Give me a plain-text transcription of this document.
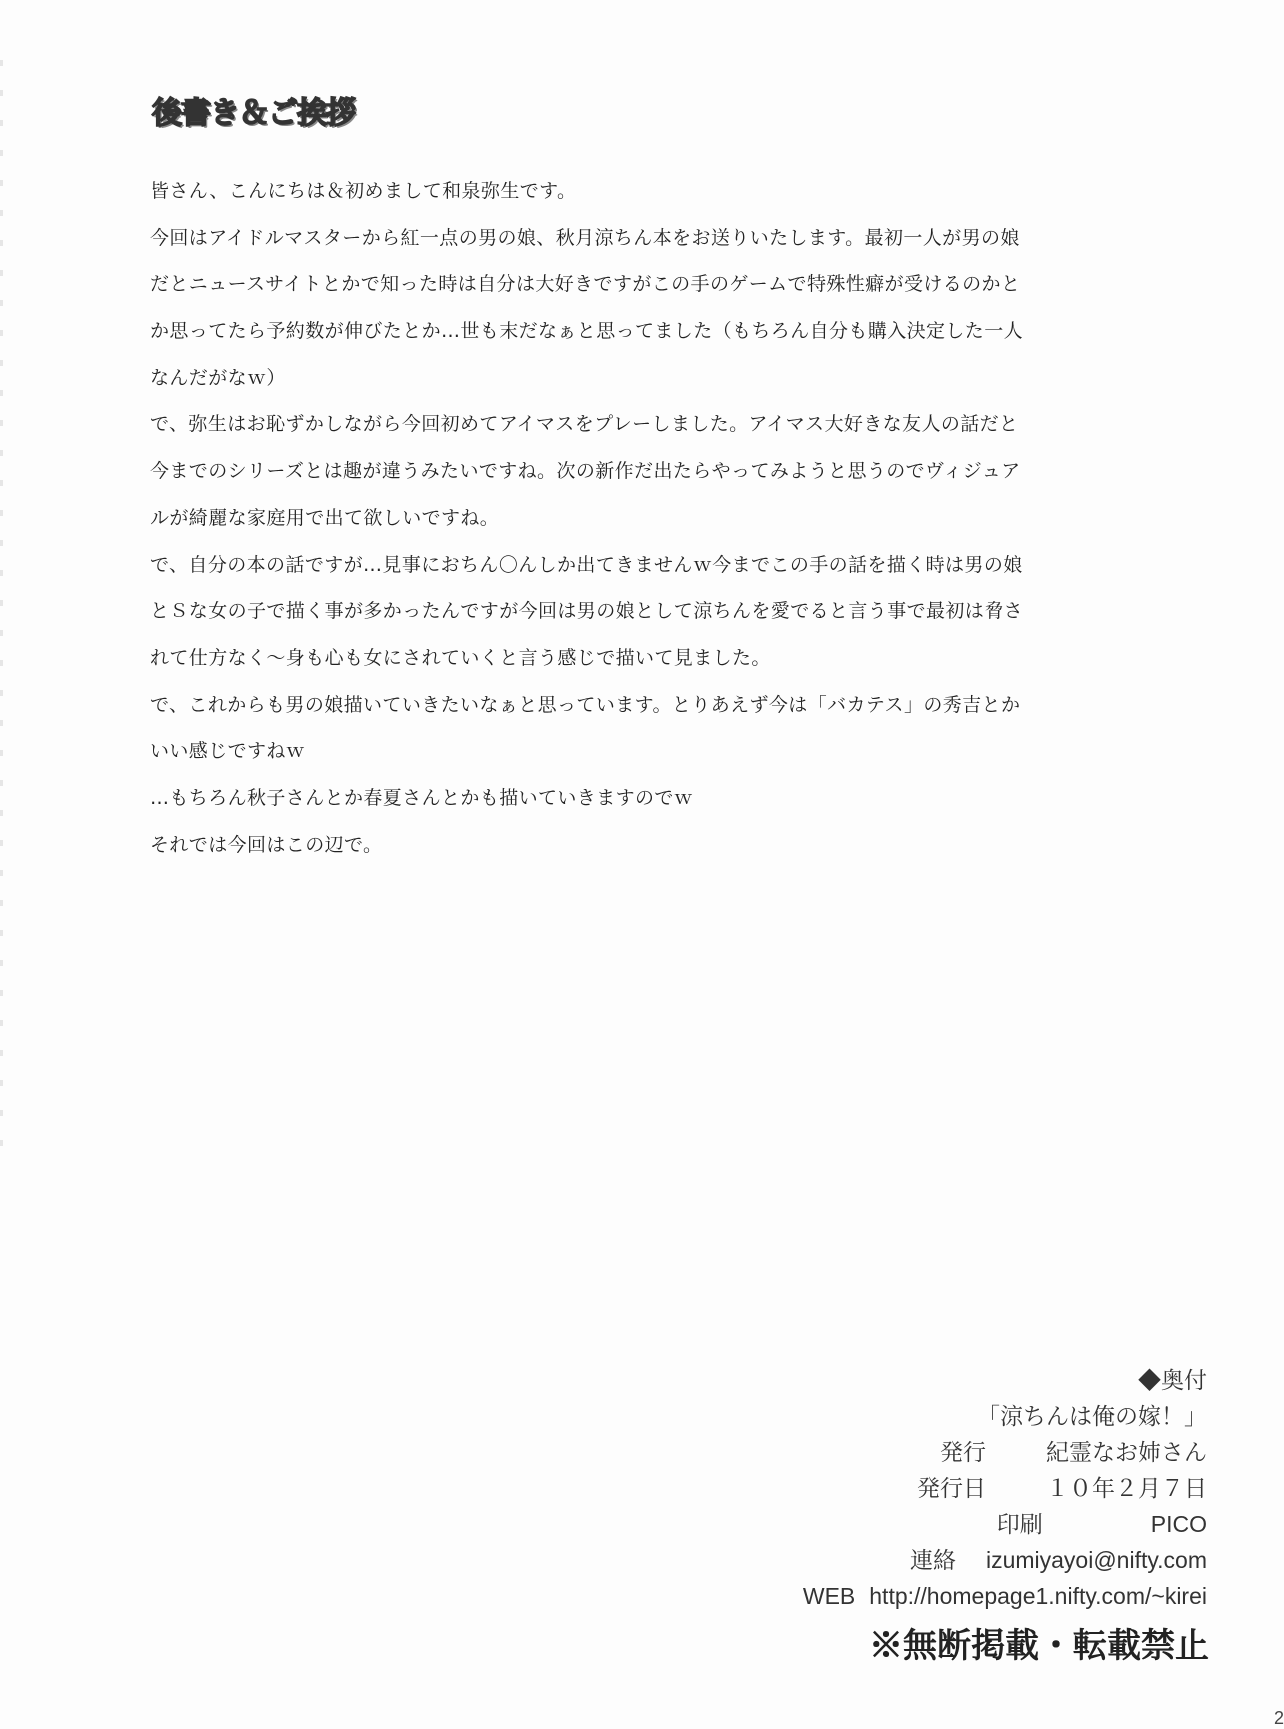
後書き＆ご挨拶
皆さん、こんにちは＆初めまして和泉弥生です。
今回はアイドルマスターから紅一点の男の娘、秋月涼ちん本をお送りいたします。最初一人が男の娘
だとニュースサイトとかで知った時は自分は大好きですがこの手のゲームで特殊性癖が受けるのかと
か思ってたら予約数が伸びたとか…世も末だなぁと思ってました（もちろん自分も購入決定した一人
なんだがなｗ）
で、弥生はお恥ずかしながら今回初めてアイマスをプレーしました。アイマス大好きな友人の話だと
今までのシリーズとは趣が違うみたいですね。次の新作だ出たらやってみようと思うのでヴィジュア
ルが綺麗な家庭用で出て欲しいですね。
で、自分の本の話ですが…見事におちん〇んしか出てきませんｗ今までこの手の話を描く時は男の娘
とＳな女の子で描く事が多かったんですが今回は男の娘として涼ちんを愛でると言う事で最初は脅さ
れて仕方なく～身も心も女にされていくと言う感じで描いて見ました。
で、これからも男の娘描いていきたいなぁと思っています。とりあえず今は「バカテス」の秀吉とか
いい感じですねｗ
…もちろん秋子さんとか春夏さんとかも描いていきますのでｗ
それでは今回はこの辺で。
◆奥付
「涼ちんは俺の嫁！」
発行	紀霊なお姉さん
発行日	１０年２月７日
印刷	PICO
連絡 izumiyayoi@nifty.com
WEB http://homepage1.nifty.com/~kirei
※無断掲載・転載禁止
2
